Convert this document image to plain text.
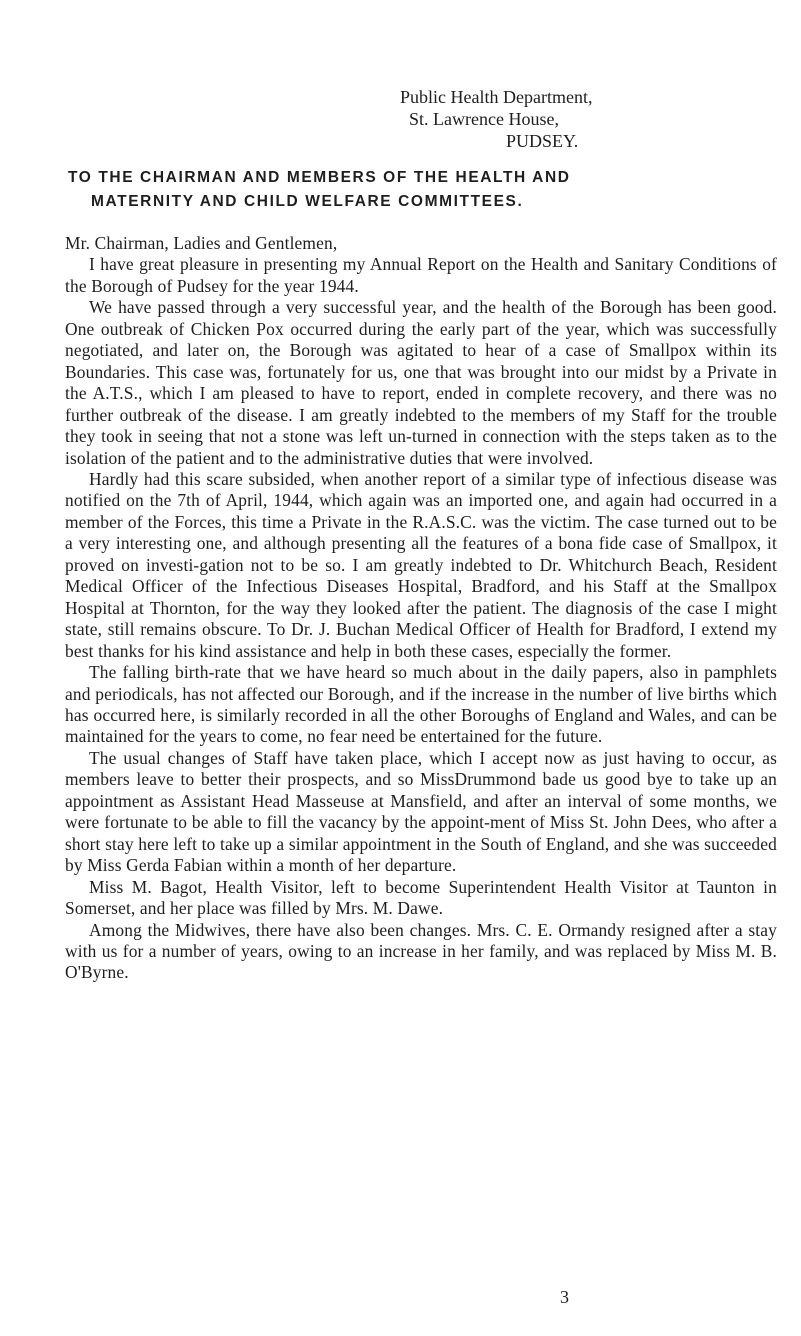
Public Health Department,
St. Lawrence House,
PUDSEY.
TO THE CHAIRMAN AND MEMBERS OF THE HEALTH AND
MATERNITY AND CHILD WELFARE COMMITTEES.

Mr. Chairman, Ladies and Gentlemen,

I have great pleasure in presenting my Annual Report on the Health and Sanitary Conditions of the Borough of Pudsey for the year 1944.

We have passed through a very successful year, and the health of the Borough has been good. One outbreak of Chicken Pox occurred during the early part of the year, which was successfully negotiated, and later on, the Borough was agitated to hear of a case of Smallpox within its Boundaries. This case was, fortunately for us, one that was brought into our midst by a Private in the A.T.S., which I am pleased to have to report, ended in complete recovery, and there was no further outbreak of the disease. I am greatly indebted to the members of my Staff for the trouble they took in seeing that not a stone was left un-turned in connection with the steps taken as to the isolation of the patient and to the administrative duties that were involved.

Hardly had this scare subsided, when another report of a similar type of infectious disease was notified on the 7th of April, 1944, which again was an imported one, and again had occurred in a member of the Forces, this time a Private in the R.A.S.C. was the victim. The case turned out to be a very interesting one, and although presenting all the features of a bona fide case of Smallpox, it proved on investi-gation not to be so. I am greatly indebted to Dr. Whitchurch Beach, Resident Medical Officer of the Infectious Diseases Hospital, Bradford, and his Staff at the Smallpox Hospital at Thornton, for the way they looked after the patient. The diagnosis of the case I might state, still remains obscure. To Dr. J. Buchan Medical Officer of Health for Bradford, I extend my best thanks for his kind assistance and help in both these cases, especially the former.

The falling birth-rate that we have heard so much about in the daily papers, also in pamphlets and periodicals, has not affected our Borough, and if the increase in the number of live births which has occurred here, is similarly recorded in all the other Boroughs of England and Wales, and can be maintained for the years to come, no fear need be entertained for the future.

The usual changes of Staff have taken place, which I accept now as just having to occur, as members leave to better their prospects, and so MissDrummond bade us good bye to take up an appointment as Assistant Head Masseuse at Mansfield, and after an interval of some months, we were fortunate to be able to fill the vacancy by the appoint-ment of Miss St. John Dees, who after a short stay here left to take up a similar appointment in the South of England, and she was succeeded by Miss Gerda Fabian within a month of her departure.

Miss M. Bagot, Health Visitor, left to become Superintendent Health Visitor at Taunton in Somerset, and her place was filled by Mrs. M. Dawe.

Among the Midwives, there have also been changes. Mrs. C. E. Ormandy resigned after a stay with us for a number of years, owing to an increase in her family, and was replaced by Miss M. B. O'Byrne.

3
